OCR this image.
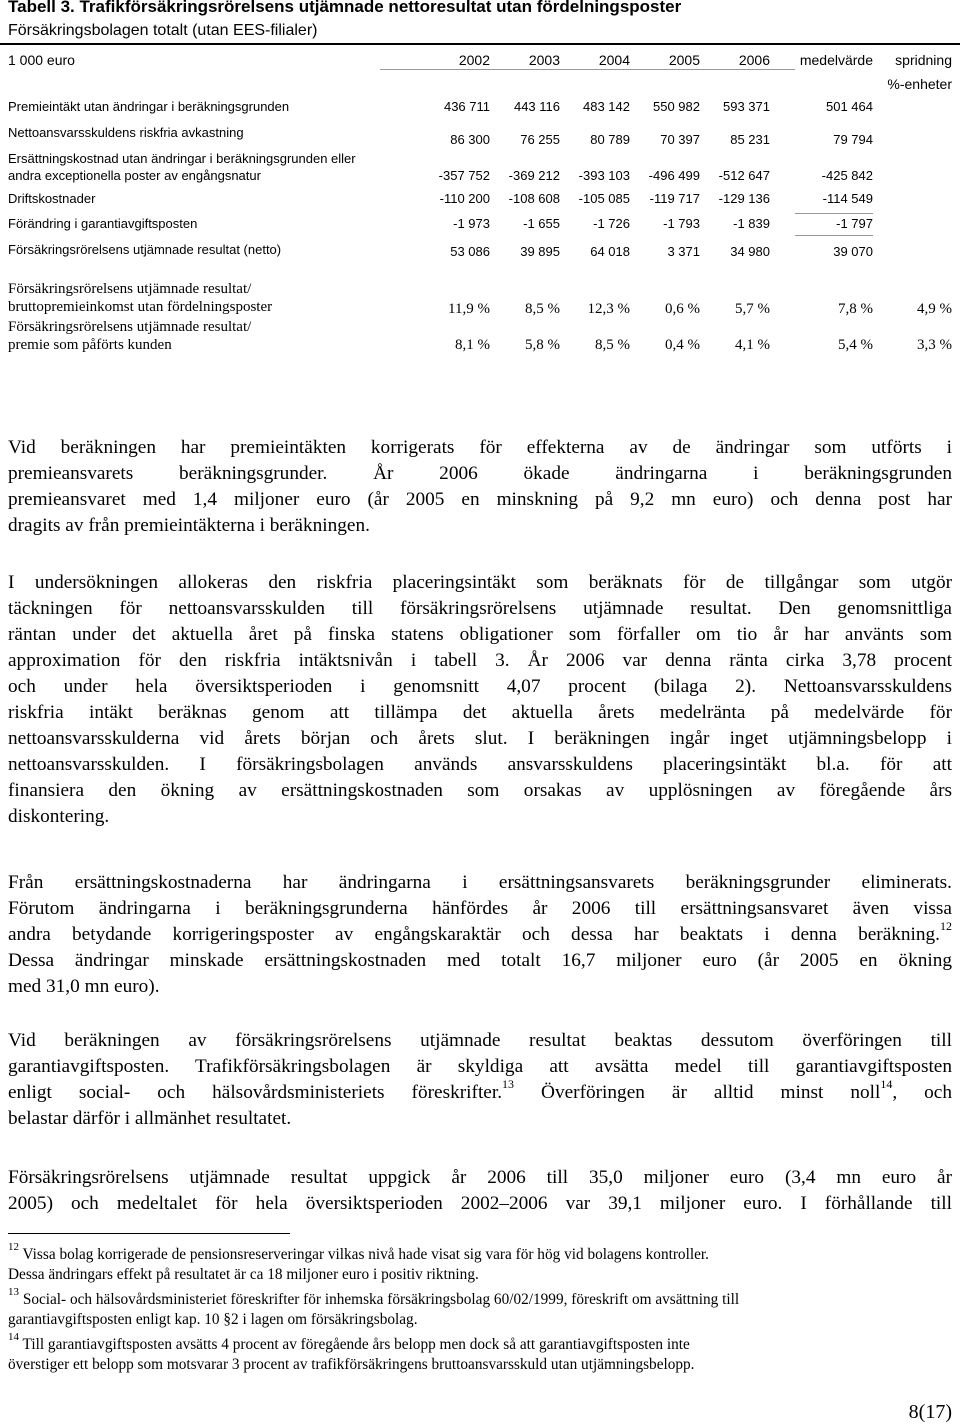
Tabell 3. Trafikförsäkringsrörelsens utjämnade nettoresultat utan fördelningsposter
Försäkringsbolagen totalt (utan EES-filialer)
1 000 euro	2002	2003	2004	2005	2006	medelvärde	spridning
%-enheter
Premieintäkt utan ändringar i beräkningsgrunden	436 711	443 116	483 142	550 982	593 371	501 464
Nettoansvarsskuldens riskfria avkastning	86 300	76 255	80 789	70 397	85 231	79 794
Ersättningskostnad utan ändringar i beräkningsgrunden eller
andra exceptionella poster av engångsnatur	-357 752	-369 212	-393 103	-496 499	-512 647	-425 842
Driftskostnader	-110 200	-108 608	-105 085	-119 717	-129 136	-114 549
Förändring i garantiavgiftsposten	-1 973	-1 655	-1 726	-1 793	-1 839	-1 797
Försäkringsrörelsens utjämnade resultat (netto)	53 086	39 895	64 018	3 371	34 980	39 070
Försäkringsrörelsens utjämnade resultat/
bruttopremieinkomst utan fördelningsposter	11,9 %	8,5 %	12,3 %	0,6 %	5,7 %	7,8 %	4,9 %
Försäkringsrörelsens utjämnade resultat/
premie som påförts kunden	8,1 %	5,8 %	8,5 %	0,4 %	4,1 %	5,4 %	3,3 %
Vid beräkningen har premieintäkten korrigerats för effekterna av de ändringar som utförts i
premieansvarets beräkningsgrunder. År 2006 ökade ändringarna i beräkningsgrunden
premieansvaret med 1,4 miljoner euro (år 2005 en minskning på 9,2 mn euro) och denna post har
dragits av från premieintäkterna i beräkningen.
I undersökningen allokeras den riskfria placeringsintäkt som beräknats för de tillgångar som utgör
täckningen för nettoansvarsskulden till försäkringsrörelsens utjämnade resultat. Den genomsnittliga
räntan under det aktuella året på finska statens obligationer som förfaller om tio år har använts som
approximation för den riskfria intäktsnivån i tabell 3. År 2006 var denna ränta cirka 3,78 procent
och under hela översiktsperioden i genomsnitt 4,07 procent (bilaga 2). Nettoansvarsskuldens
riskfria intäkt beräknas genom att tillämpa det aktuella årets medelränta på medelvärde för
nettoansvarsskulderna vid årets början och årets slut. I beräkningen ingår inget utjämningsbelopp i
nettoansvarsskulden. I försäkringsbolagen används ansvarsskuldens placeringsintäkt bl.a. för att
finansiera den ökning av ersättningskostnaden som orsakas av upplösningen av föregående års
diskontering.
Från ersättningskostnaderna har ändringarna i ersättningsansvarets beräkningsgrunder eliminerats.
Förutom ändringarna i beräkningsgrunderna hänfördes år 2006 till ersättningsansvaret även vissa
andra betydande korrigeringsposter av engångskaraktär och dessa har beaktats i denna beräkning.$^{12}$
Dessa ändringar minskade ersättningskostnaden med totalt 16,7 miljoner euro (år 2005 en ökning
med 31,0 mn euro).
Vid beräkningen av försäkringsrörelsens utjämnade resultat beaktas dessutom överföringen till
garantiavgiftsposten. Trafikförsäkringsbolagen är skyldiga att avsätta medel till garantiavgiftsposten
enligt social- och hälsovårdsministeriets föreskrifter.$^{13}$ Överföringen är alltid minst noll$^{14}$, och
belastar därför i allmänhet resultatet.
Försäkringsrörelsens utjämnade resultat uppgick år 2006 till 35,0 miljoner euro (3,4 mn euro år
2005) och medeltalet för hela översiktsperioden 2002–2006 var 39,1 miljoner euro. I förhållande till
$^{12}$ Vissa bolag korrigerade de pensionsreserveringar vilkas nivå hade visat sig vara för hög vid bolagens kontroller.
Dessa ändringars effekt på resultatet är ca 18 miljoner euro i positiv riktning.
$^{13}$ Social- och hälsovårdsministeriet föreskrifter för inhemska försäkringsbolag 60/02/1999, föreskrift om avsättning till
garantiavgiftsposten enligt kap. 10 §2 i lagen om försäkringsbolag.
$^{14}$ Till garantiavgiftsposten avsätts 4 procent av föregående års belopp men dock så att garantiavgiftsposten inte
överstiger ett belopp som motsvarar 3 procent av trafikförsäkringens bruttoansvarsskuld utan utjämningsbelopp.
8(17)
